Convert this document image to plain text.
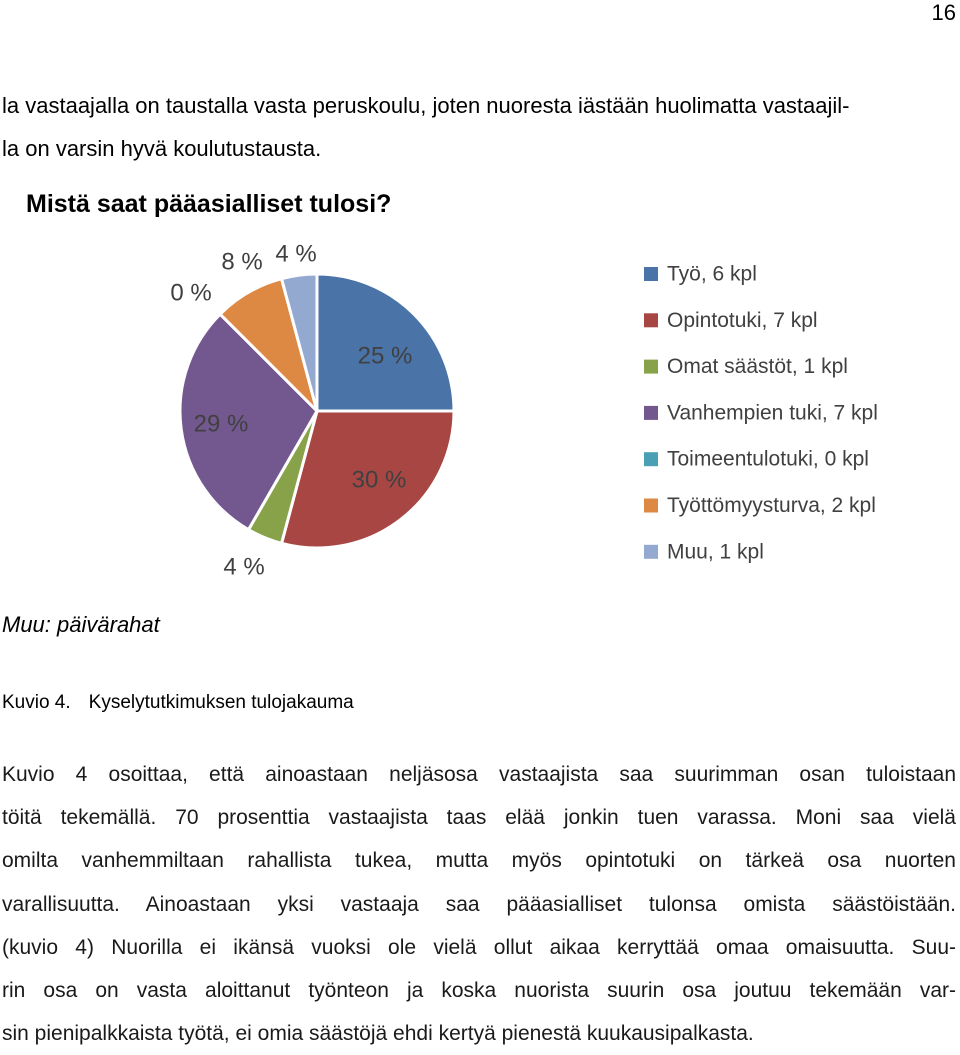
16
la vastaajalla on taustalla vasta peruskoulu, joten nuoresta iästään huolimatta vastaajil-
la on varsin hyvä koulutustausta.
Mistä saat pääasialliset tulosi?
25 %
30 %
4 %
29 %
0 %
8 % 4 %
Työ, 6 kpl
Opintotuki, 7 kpl
Omat säästöt, 1 kpl
Vanhempien tuki, 7 kpl
Toimeentulotuki, 0 kpl
Työttömyysturva, 2 kpl
Muu, 1 kpl
Muu: päivärahat
Kuvio 4. Kyselytutkimuksen tulojakauma
Kuvio 4 osoittaa, että ainoastaan neljäsosa vastaajista saa suurimman osan tuloistaan
töitä tekemällä. 70 prosenttia vastaajista taas elää jonkin tuen varassa. Moni saa vielä
omilta vanhemmiltaan rahallista tukea, mutta myös opintotuki on tärkeä osa nuorten
varallisuutta. Ainoastaan yksi vastaaja saa pääasialliset tulonsa omista säästöistään.
(kuvio 4) Nuorilla ei ikänsä vuoksi ole vielä ollut aikaa kerryttää omaa omaisuutta. Suu-
rin osa on vasta aloittanut työnteon ja koska nuorista suurin osa joutuu tekemään var-
sin pienipalkkaista työtä, ei omia säästöjä ehdi kertyä pienestä kuukausipalkasta.
